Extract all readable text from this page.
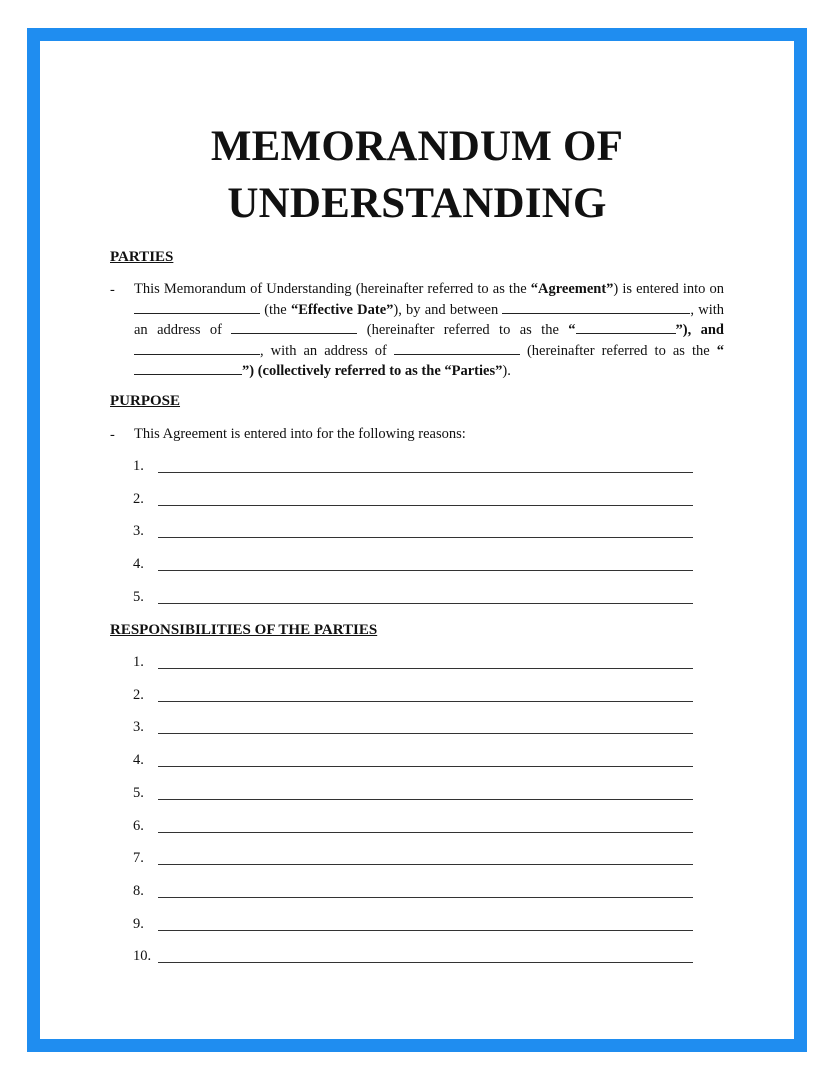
MEMORANDUM OF
UNDERSTANDING
PARTIES
- This Memorandum of Understanding (hereinafter referred to as the “Agreement”) is entered into on  (the “Effective Date”), by and between	, with an address of	(hereinafter referred to as the “	”), and , with an address of	(hereinafter referred to as the “”) (collectively referred to as the “Parties”).
PURPOSE
- This Agreement is entered into for the following reasons:
1.
2.
3.
4.
5.
RESPONSIBILITIES OF THE PARTIES
1.
2.
3.
4.
5.
6.
7.
8.
9.
10.
